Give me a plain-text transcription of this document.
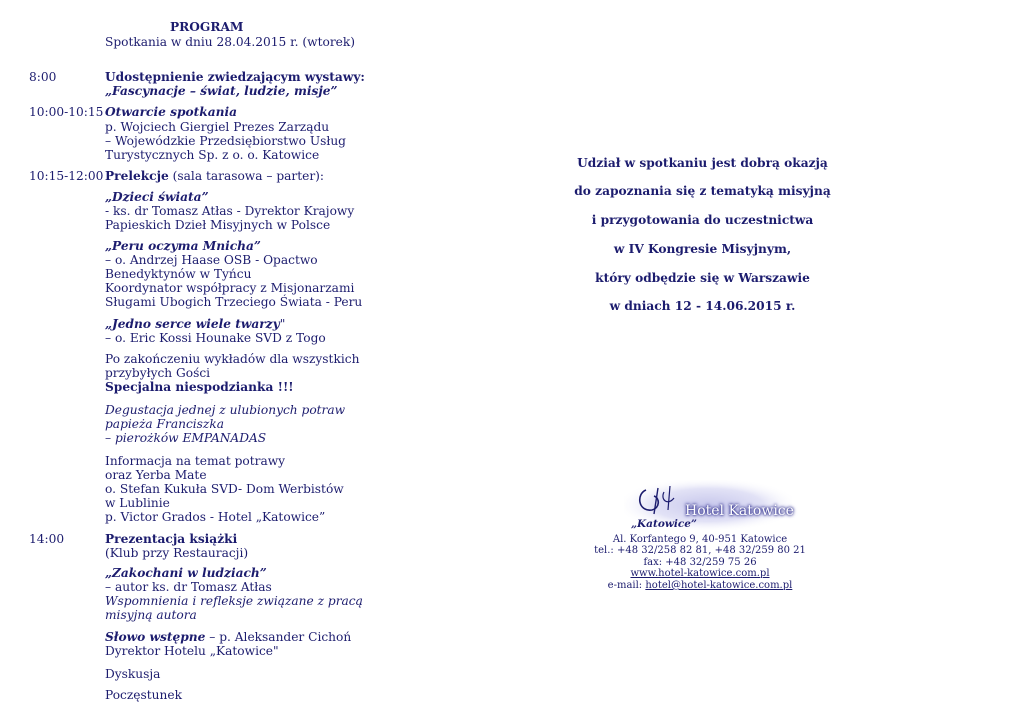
PROGRAM
Spotkania w dniu 28.04.2015 r. (wtorek)
8:00	Udostępnienie zwiedzającym wystawy:
„Fascynacje – świat, ludzie, misje”
10:00-10:15 Otwarcie spotkania
p. Wojciech Giergiel Prezes Zarządu
– Wojewódzkie Przedsiębiorstwo Usług
Turystycznych Sp. z o. o. Katowice
10:15-12:00 Prelekcje (sala tarasowa – parter):
„Dzieci świata”
- ks. dr Tomasz Atłas - Dyrektor Krajowy
Papieskich Dzieł Misyjnych w Polsce
„Peru oczyma Mnicha”
– o. Andrzej Haase OSB - Opactwo
Benedyktynów w Tyńcu
Koordynator współpracy z Misjonarzami
Sługami Ubogich Trzeciego Świata - Peru
„Jedno serce wiele twarzy"
– o. Eric Kossi Hounake SVD z Togo
Po zakończeniu wykładów dla wszystkich
przybyłych Gości
Specjalna niespodzianka !!!
Degustacja jednej z ulubionych potraw
papieża Franciszka
– pierożków EMPANADAS
Informacja na temat potrawy
oraz Yerba Mate
o. Stefan Kukuła SVD- Dom Werbistów
w Lublinie
p. Victor Grados - Hotel „Katowice”
14:00	Prezentacja książki
(Klub przy Restauracji)
„Zakochani w ludziach”
– autor ks. dr Tomasz Atłas
Wspomnienia i refleksje związane z pracą
misyjną autora
Słowo wstępne – p. Aleksander Cichoń
Dyrektor Hotelu „Katowice"
Dyskusja
Poczęstunek
Udział w spotkaniu jest dobrą okazją
do zapoznania się z tematyką misyjną
i przygotowania do uczestnictwa
w IV Kongresie Misyjnym,
który odbędzie się w Warszawie
w dniach 12 - 14.06.2015 r.
Hotel Katowice
„Katowice”
Al. Korfantego 9, 40-951 Katowice
tel.: +48 32/258 82 81, +48 32/259 80 21
fax: +48 32/259 75 26
www.hotel-katowice.com.pl
e-mail: hotel@hotel-katowice.com.pl
